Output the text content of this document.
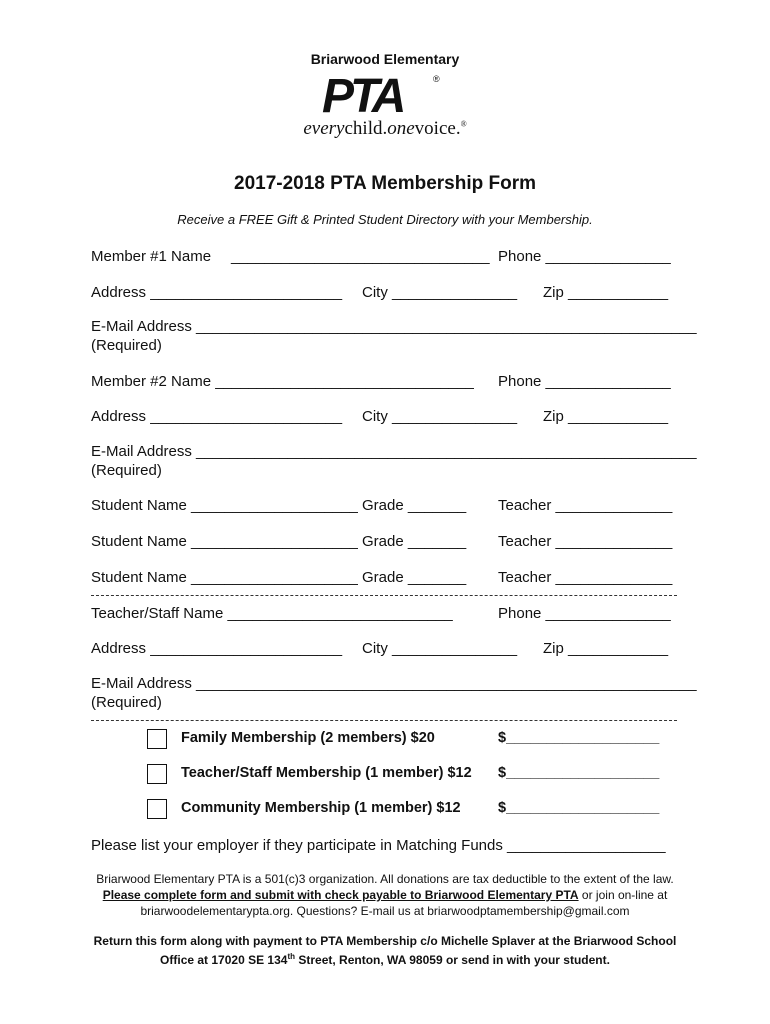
Briarwood Elementary
PTA	®
everychild.onevoice.®
2017-2018 PTA Membership Form
Receive a FREE Gift & Printed Student Directory with your Membership.
Member #1 Name _______________________________ Phone _______________
Address _______________________ City _______________ Zip ____________
E-Mail Address ____________________________________________________________
(Required)
Member #2 Name _______________________________ Phone _______________
Address _______________________ City _______________ Zip ____________
E-Mail Address ____________________________________________________________
(Required)
Student Name ____________________ Grade _______ Teacher ______________
Student Name ____________________ Grade _______ Teacher ______________
Student Name ____________________ Grade _______ Teacher ______________
Teacher/Staff Name ___________________________	Phone _______________
Address _______________________ City _______________ Zip ____________
E-Mail Address ____________________________________________________________
(Required)
Family Membership (2 members) $20	$___________________
Teacher/Staff Membership (1 member) $12 $___________________
Community Membership (1 member) $12	$___________________
Please list your employer if they participate in Matching Funds ___________________
Briarwood Elementary PTA is a 501(c)3 organization. All donations are tax deductible to the extent of the law. Please complete form and submit with check payable to Briarwood Elementary PTA or join on-line at briarwoodelementarypta.org. Questions? E-mail us at briarwoodptamembership@gmail.com
Return this form along with payment to PTA Membership c/o Michelle Splaver at the Briarwood School Office at 17020 SE 134th Street, Renton, WA 98059 or send in with your student.
